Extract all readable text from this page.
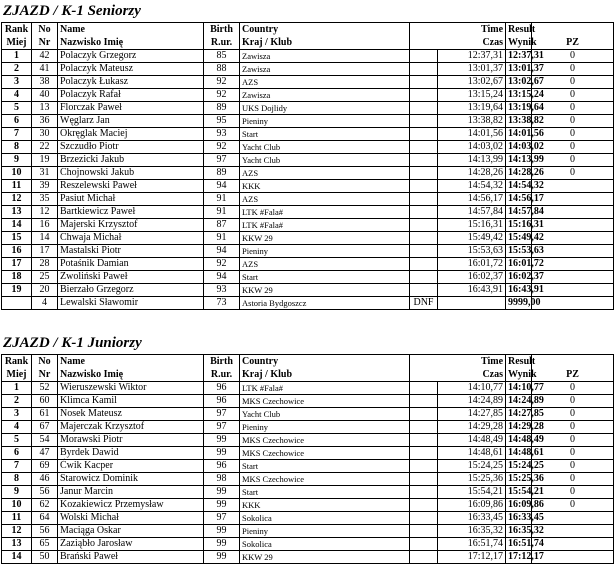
ZJAZD / K-1 Seniorzy
Rank	No	Name	Birth	Country	Time		Result	
Miej	Nr	Nazwisko Imię	R.ur.	Kraj / Klub	Czas		Wynik	PZ
1	42	Polaczyk Grzegorz	85	Zawisza		12:37,31	12:37,31	0
2	41	Polaczyk Mateusz	88	Zawisza		13:01,37	13:01,37	0
3	38	Polaczyk Łukasz	92	AZS		13:02,67	13:02,67	0
4	40	Polaczyk Rafał	92	Zawisza		13:15,24	13:15,24	0
5	13	Florczak Paweł	89	UKS Dojlidy		13:19,64	13:19,64	0
6	36	Węglarz Jan	95	Pieniny		13:38,82	13:38,82	0
7	30	Okręglak Maciej	93	Start		14:01,56	14:01,56	0
8	22	Szczudło Piotr	92	Yacht Club		14:03,02	14:03,02	0
9	19	Brzezicki Jakub	97	Yacht Club		14:13,99	14:13,99	0
10	31	Chojnowski Jakub	89	AZS		14:28,26	14:28,26	0
11	39	Reszelewski Paweł	94	KKK		14:54,32	14:54,32	
12	35	Pasiut Michał	91	AZS		14:56,17	14:56,17	
13	12	Bartkiewicz Paweł	91	LTK #Fala#		14:57,84	14:57,84	
14	16	Majerski Krzysztof	87	LTK #Fala#		15:16,31	15:16,31	
15	14	Chwaja Michał	91	KKW 29		15:49,42	15:49,42	
16	17	Mastalski Piotr	94	Pieniny		15:53,63	15:53,63	
17	28	Potaśnik Damian	92	AZS		16:01,72	16:01,72	
18	25	Zwoliński Paweł	94	Start		16:02,37	16:02,37	
19	20	Bierzało Grzegorz	93	KKW 29		16:43,91	16:43,91	
	4	Lewalski Sławomir	73	Astoria Bydgoszcz	DNF		9999,00	
ZJAZD / K-1 Juniorzy
Rank	No	Name	Birth	Country	Time		Result	
Miej	Nr	Nazwisko Imię	R.ur.	Kraj / Klub	Czas		Wynik	PZ
1	52	Wieruszewski Wiktor	96	LTK #Fala#		14:10,77	14:10,77	0
2	60	Klimca Kamil	96	MKS Czechowice		14:24,89	14:24,89	0
3	61	Nosek Mateusz	97	Yacht Club		14:27,85	14:27,85	0
4	67	Majerczak Krzysztof	97	Pieniny		14:29,28	14:29,28	0
5	54	Morawski Piotr	99	MKS Czechowice		14:48,49	14:48,49	0
6	47	Byrdek Dawid	99	MKS Czechowice		14:48,61	14:48,61	0
7	69	Ćwik Kacper	96	Start		15:24,25	15:24,25	0
8	46	Starowicz Dominik	98	MKS Czechowice		15:25,36	15:25,36	0
9	56	Janur Marcin	99	Start		15:54,21	15:54,21	0
10	62	Kozakiewicz Przemysław	99	KKK		16:09,86	16:09,86	0
11	64	Wolski Michał	97	Sokolica		16:33,45	16:33,45	
12	56	Maciąga Oskar	99	Pieniny		16:35,32	16:35,32	
13	65	Zaziąbło Jarosław	99	Sokolica		16:51,74	16:51,74	
14	50	Brański Paweł	99	KKW 29		17:12,17	17:12,17	
